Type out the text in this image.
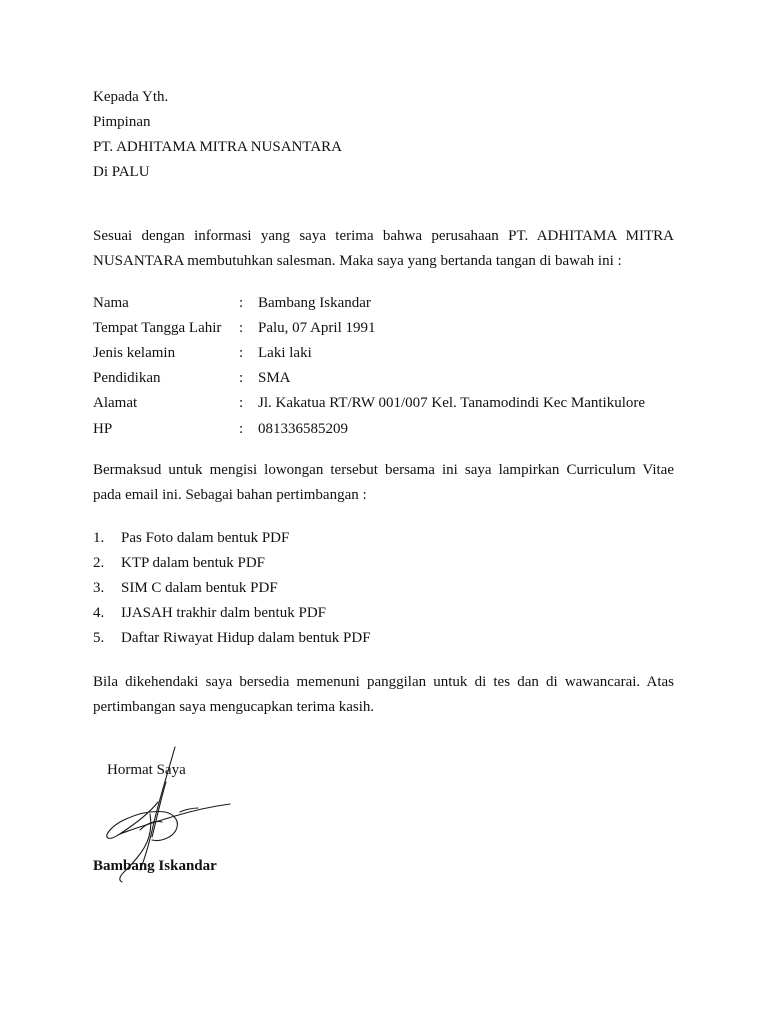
Kepada Yth.
Pimpinan
PT. ADHITAMA MITRA NUSANTARA
Di PALU
Sesuai dengan informasi yang saya terima bahwa perusahaan PT. ADHITAMA MITRA
NUSANTARA membutuhkan salesman. Maka saya yang bertanda tangan di bawah ini :
Nama	: Bambang Iskandar
Tempat Tangga Lahir : Palu, 07 April 1991
Jenis kelamin	: Laki laki
Pendidikan	: SMA
Alamat	: Jl. Kakatua RT/RW 001/007 Kel. Tanamodindi Kec Mantikulore
HP	: 081336585209
Bermaksud untuk mengisi lowongan tersebut bersama ini saya lampirkan Curriculum Vitae
pada email ini. Sebagai bahan pertimbangan :
1. Pas Foto dalam bentuk PDF
2. KTP dalam bentuk PDF
3. SIM C dalam bentuk PDF
4. IJASAH trakhir dalm bentuk PDF
5. Daftar Riwayat Hidup dalam bentuk PDF
Bila dikehendaki saya bersedia memenuni panggilan untuk di tes dan di wawancarai. Atas
pertimbangan saya mengucapkan terima kasih.
Hormat Saya
Bambang Iskandar
